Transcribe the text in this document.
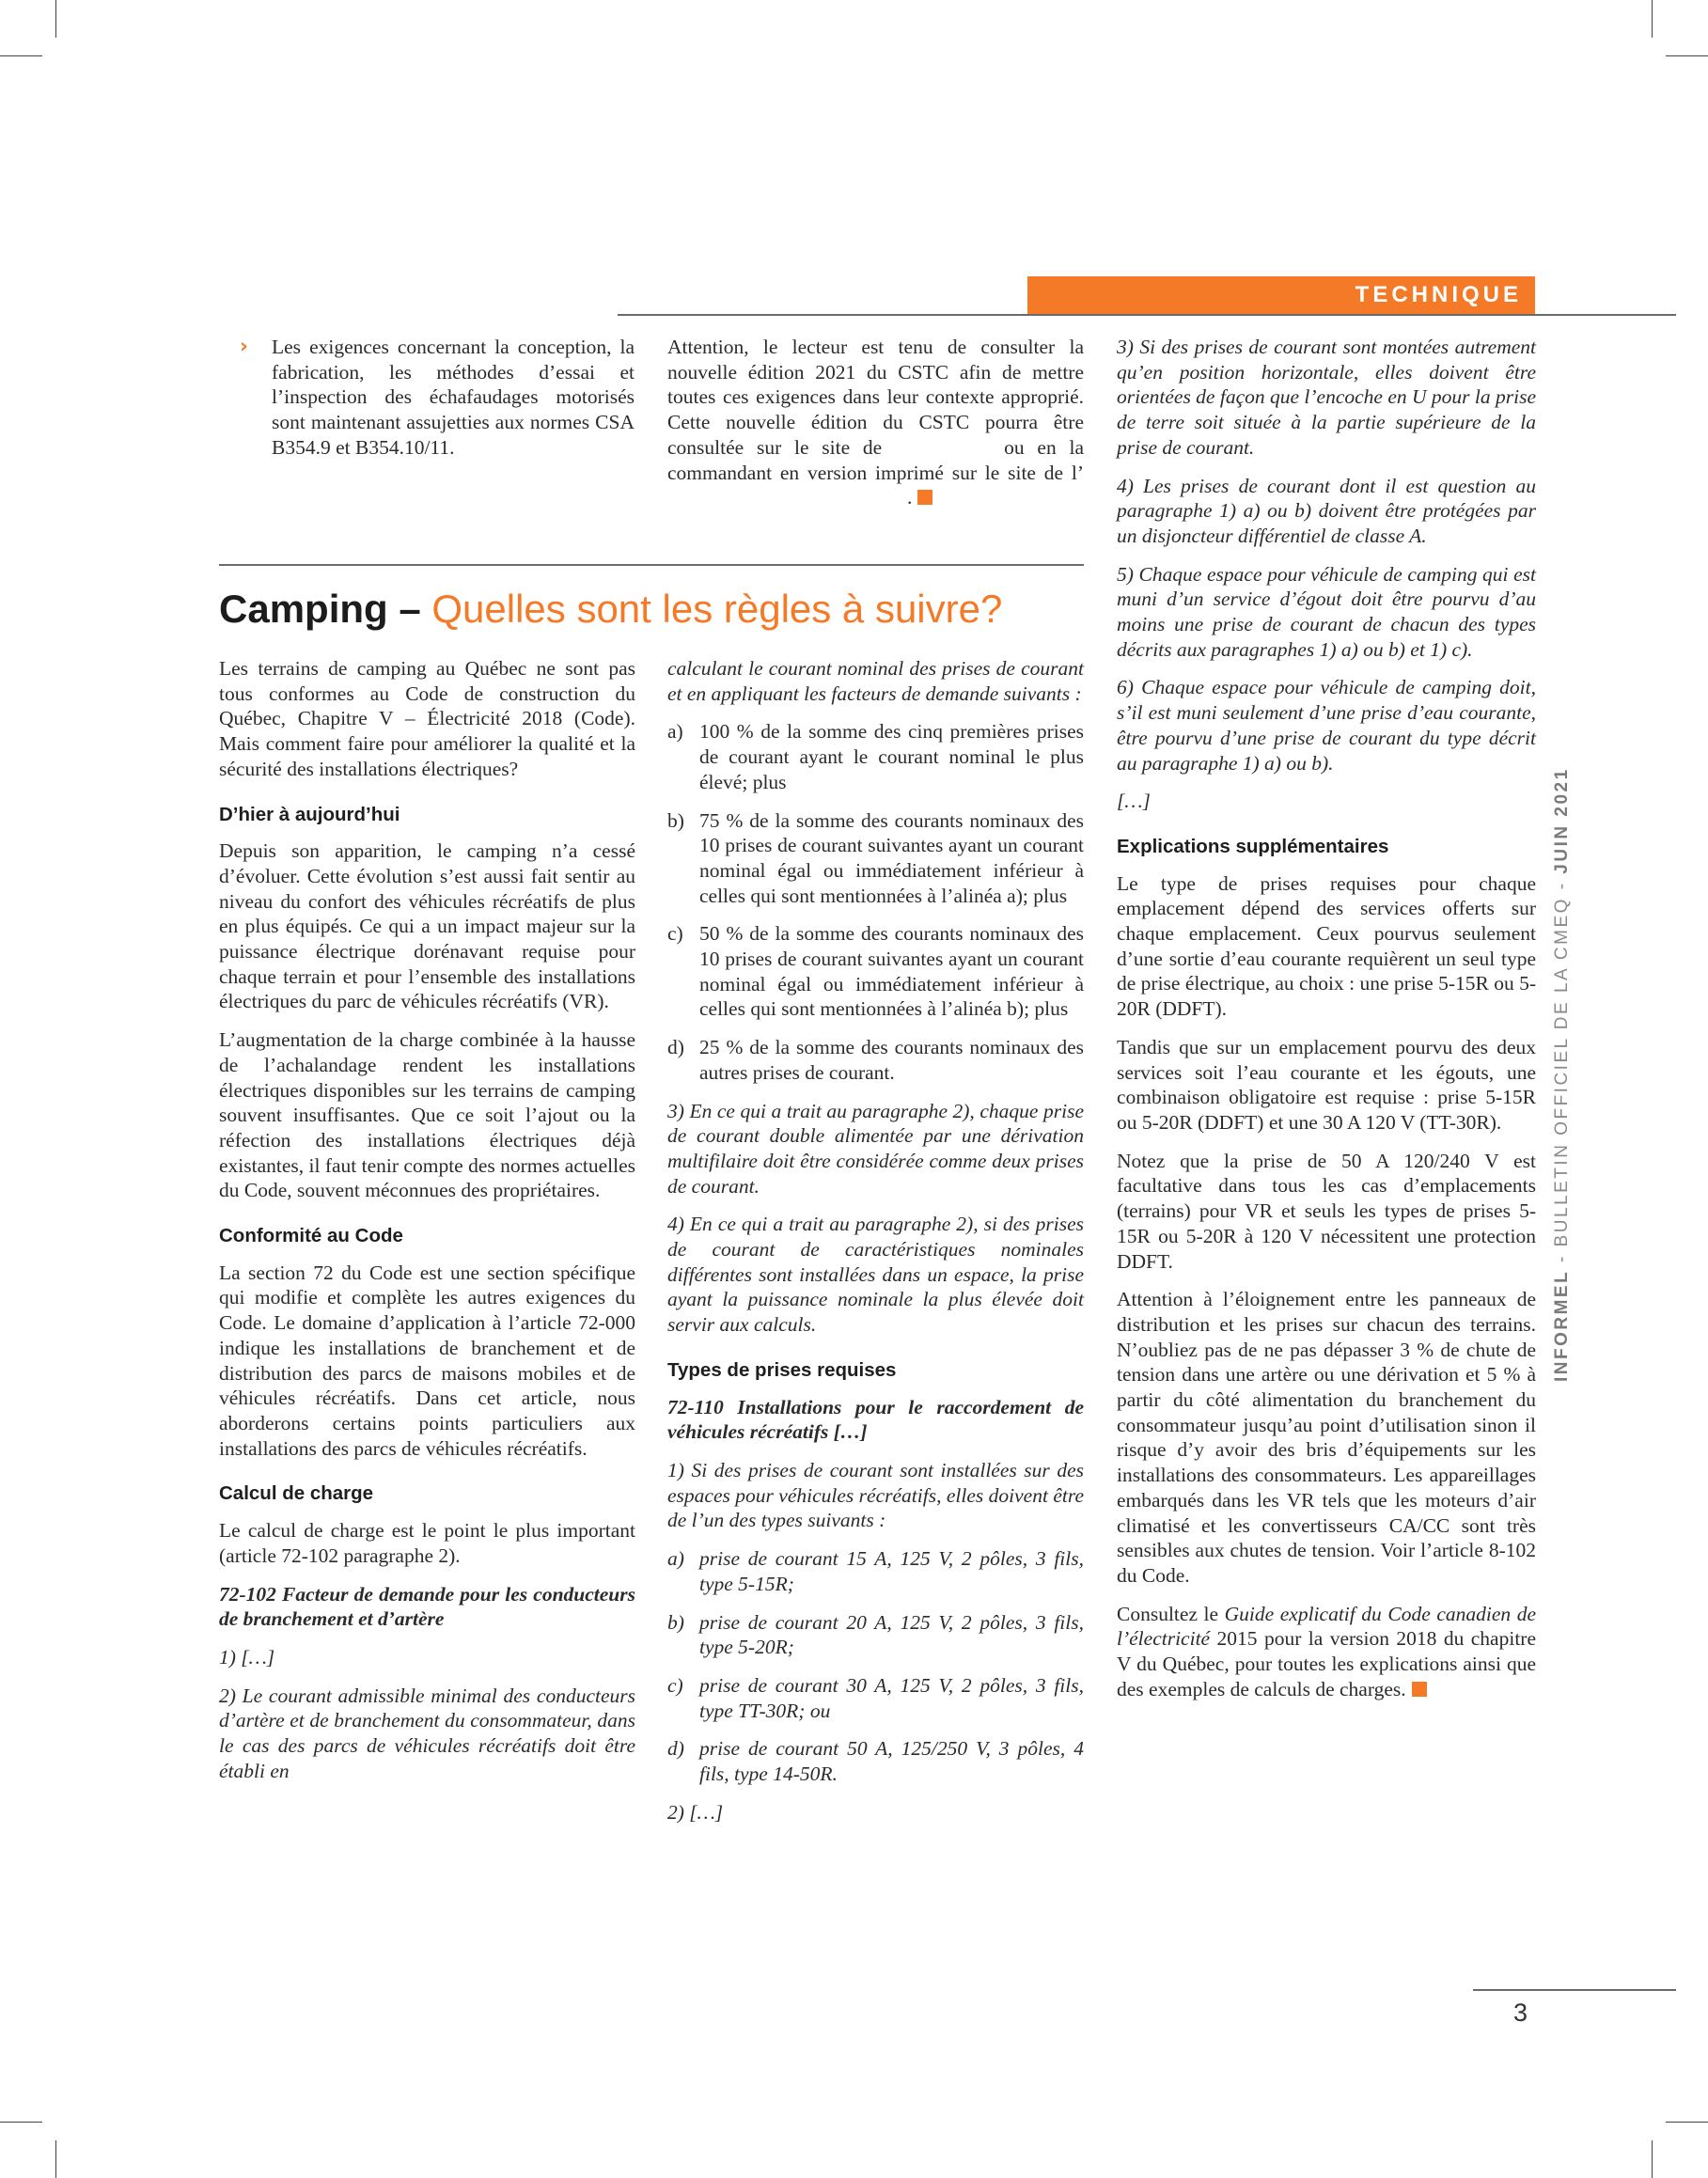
TECHNIQUE
›	Les exigences concernant la conception, la fabrication, les méthodes d’essai et l’inspection des échafaudages motorisés sont maintenant assujetties aux normes CSA B354.9 et B354.10/11.

Attention, le lecteur est tenu de consulter la nouvelle édition 2021 du CSTC afin de mettre toutes ces exigences dans leur contexte approprié. Cette nouvelle édition du CSTC pourra être consultée sur le site de	ou en la commandant en version imprimé sur le site de l’.

Camping – Quelles sont les règles à suivre?

Les terrains de camping au Québec ne sont pas tous conformes au Code de construction du Québec, Chapitre V – Électricité 2018 (Code). Mais comment faire pour améliorer la qualité et la sécurité des installations électriques?

D’hier à aujourd’hui

Depuis son apparition, le camping n’a cessé d’évoluer. Cette évolution s’est aussi fait sentir au niveau du confort des véhicules récréatifs de plus en plus équipés. Ce qui a un impact majeur sur la puissance électrique dorénavant requise pour chaque terrain et pour l’ensemble des installations électriques du parc de véhicules récréatifs (VR).

L’augmentation de la charge combinée à la hausse de l’achalandage rendent les installations électriques disponibles sur les terrains de camping souvent insuffisantes. Que ce soit l’ajout ou la réfection des installations électriques déjà existantes, il faut tenir compte des normes actuelles du Code, souvent méconnues des propriétaires.

Conformité au Code

La section 72 du Code est une section spécifique qui modifie et complète les autres exigences du Code. Le domaine d’application à l’article 72-000 indique les installations de branchement et de distribution des parcs de maisons mobiles et de véhicules récréatifs. Dans cet article, nous aborderons certains points particuliers aux installations des parcs de véhicules récréatifs.

Calcul de charge

Le calcul de charge est le point le plus important (article 72-102 paragraphe 2).

72-102 Facteur de demande pour les conducteurs de branchement et d’artère

1) […]

2) Le courant admissible minimal des conducteurs d’artère et de branchement du consommateur, dans le cas des parcs de véhicules récréatifs doit être établi en

calculant le courant nominal des prises de courant et en appliquant les facteurs de demande suivants :

a) 100 % de la somme des cinq premières prises de courant ayant le courant nominal le plus élevé; plus
b) 75 % de la somme des courants nominaux des 10 prises de courant suivantes ayant un courant nominal égal ou immédiatement inférieur à celles qui sont mentionnées à l’alinéa a); plus
c) 50 % de la somme des courants nominaux des 10 prises de courant suivantes ayant un courant nominal égal ou immédiatement inférieur à celles qui sont mentionnées à l’alinéa b); plus
d) 25 % de la somme des courants nominaux des autres prises de courant.

3) En ce qui a trait au paragraphe 2), chaque prise de courant double alimentée par une dérivation multifilaire doit être considérée comme deux prises de courant.

4) En ce qui a trait au paragraphe 2), si des prises de courant de caractéristiques nominales différentes sont installées dans un espace, la prise ayant la puissance nominale la plus élevée doit servir aux calculs.

Types de prises requises

72-110 Installations pour le raccordement de véhicules récréatifs […]

1) Si des prises de courant sont installées sur des espaces pour véhicules récréatifs, elles doivent être de l’un des types suivants :

a) prise de courant 15 A, 125 V, 2 pôles, 3 fils, type 5-15R;
b) prise de courant 20 A, 125 V, 2 pôles, 3 fils, type 5-20R;
c) prise de courant 30 A, 125 V, 2 pôles, 3 fils, type TT-30R; ou
d) prise de courant 50 A, 125/250 V, 3 pôles, 4 fils, type 14-50R.

2) […]

3) Si des prises de courant sont montées autrement qu’en position horizontale, elles doivent être orientées de façon que l’encoche en U pour la prise de terre soit située à la partie supérieure de la prise de courant.

4) Les prises de courant dont il est question au paragraphe 1) a) ou b) doivent être protégées par un disjoncteur différentiel de classe A.

5) Chaque espace pour véhicule de camping qui est muni d’un service d’égout doit être pourvu d’au moins une prise de courant de chacun des types décrits aux paragraphes 1) a) ou b) et 1) c).

6) Chaque espace pour véhicule de camping doit, s’il est muni seulement d’une prise d’eau courante, être pourvu d’une prise de courant du type décrit au paragraphe 1) a) ou b).

[…]

Explications supplémentaires

Le type de prises requises pour chaque emplacement dépend des services offerts sur chaque emplacement. Ceux pourvus seulement d’une sortie d’eau courante requièrent un seul type de prise électrique, au choix : une prise 5-15R ou 5-20R (DDFT).

Tandis que sur un emplacement pourvu des deux services soit l’eau courante et les égouts, une combinaison obligatoire est requise : prise 5-15R ou 5-20R (DDFT) et une 30 A 120 V (TT-30R).

Notez que la prise de 50 A 120/240 V est facultative dans tous les cas d’emplacements (terrains) pour VR et seuls les types de prises 5-15R ou 5-20R à 120 V nécessitent une protection DDFT.

Attention à l’éloignement entre les panneaux de distribution et les prises sur chacun des terrains. N’oubliez pas de ne pas dépasser 3 % de chute de tension dans une artère ou une dérivation et 5 % à partir du côté alimentation du branchement du consommateur jusqu’au point d’utilisation sinon il risque d’y avoir des bris d’équipements sur les installations des consommateurs. Les appareillages embarqués dans les VR tels que les moteurs d’air climatisé et les convertisseurs CA/CC sont très sensibles aux chutes de tension. Voir l’article 8-102 du Code.

Consultez le Guide explicatif du Code canadien de l’électricité 2015 pour la version 2018 du chapitre V du Québec, pour toutes les explications ainsi que des exemples de calculs de charges.

INFORMEL - BULLETIN OFFICIEL DE LA CMEQ - JUIN 2021
3
